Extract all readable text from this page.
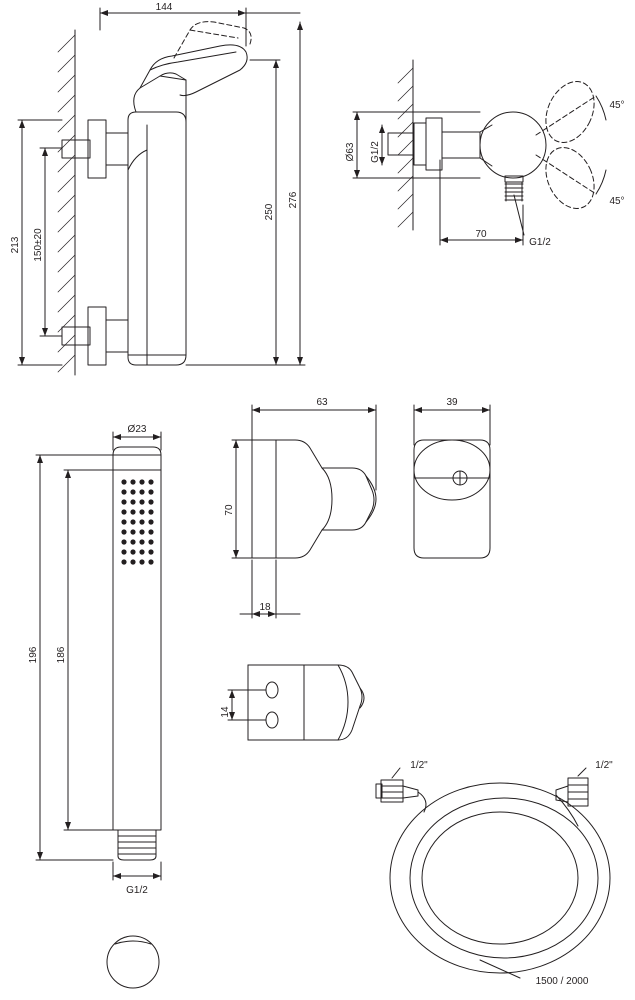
144
276
250
213 150±20
Ø63 G1/2
70
G1/2
45°
45°
Ø23
196 186
G1/2
63
70
18
39
14
1/2"	1/2"
1500 / 2000
